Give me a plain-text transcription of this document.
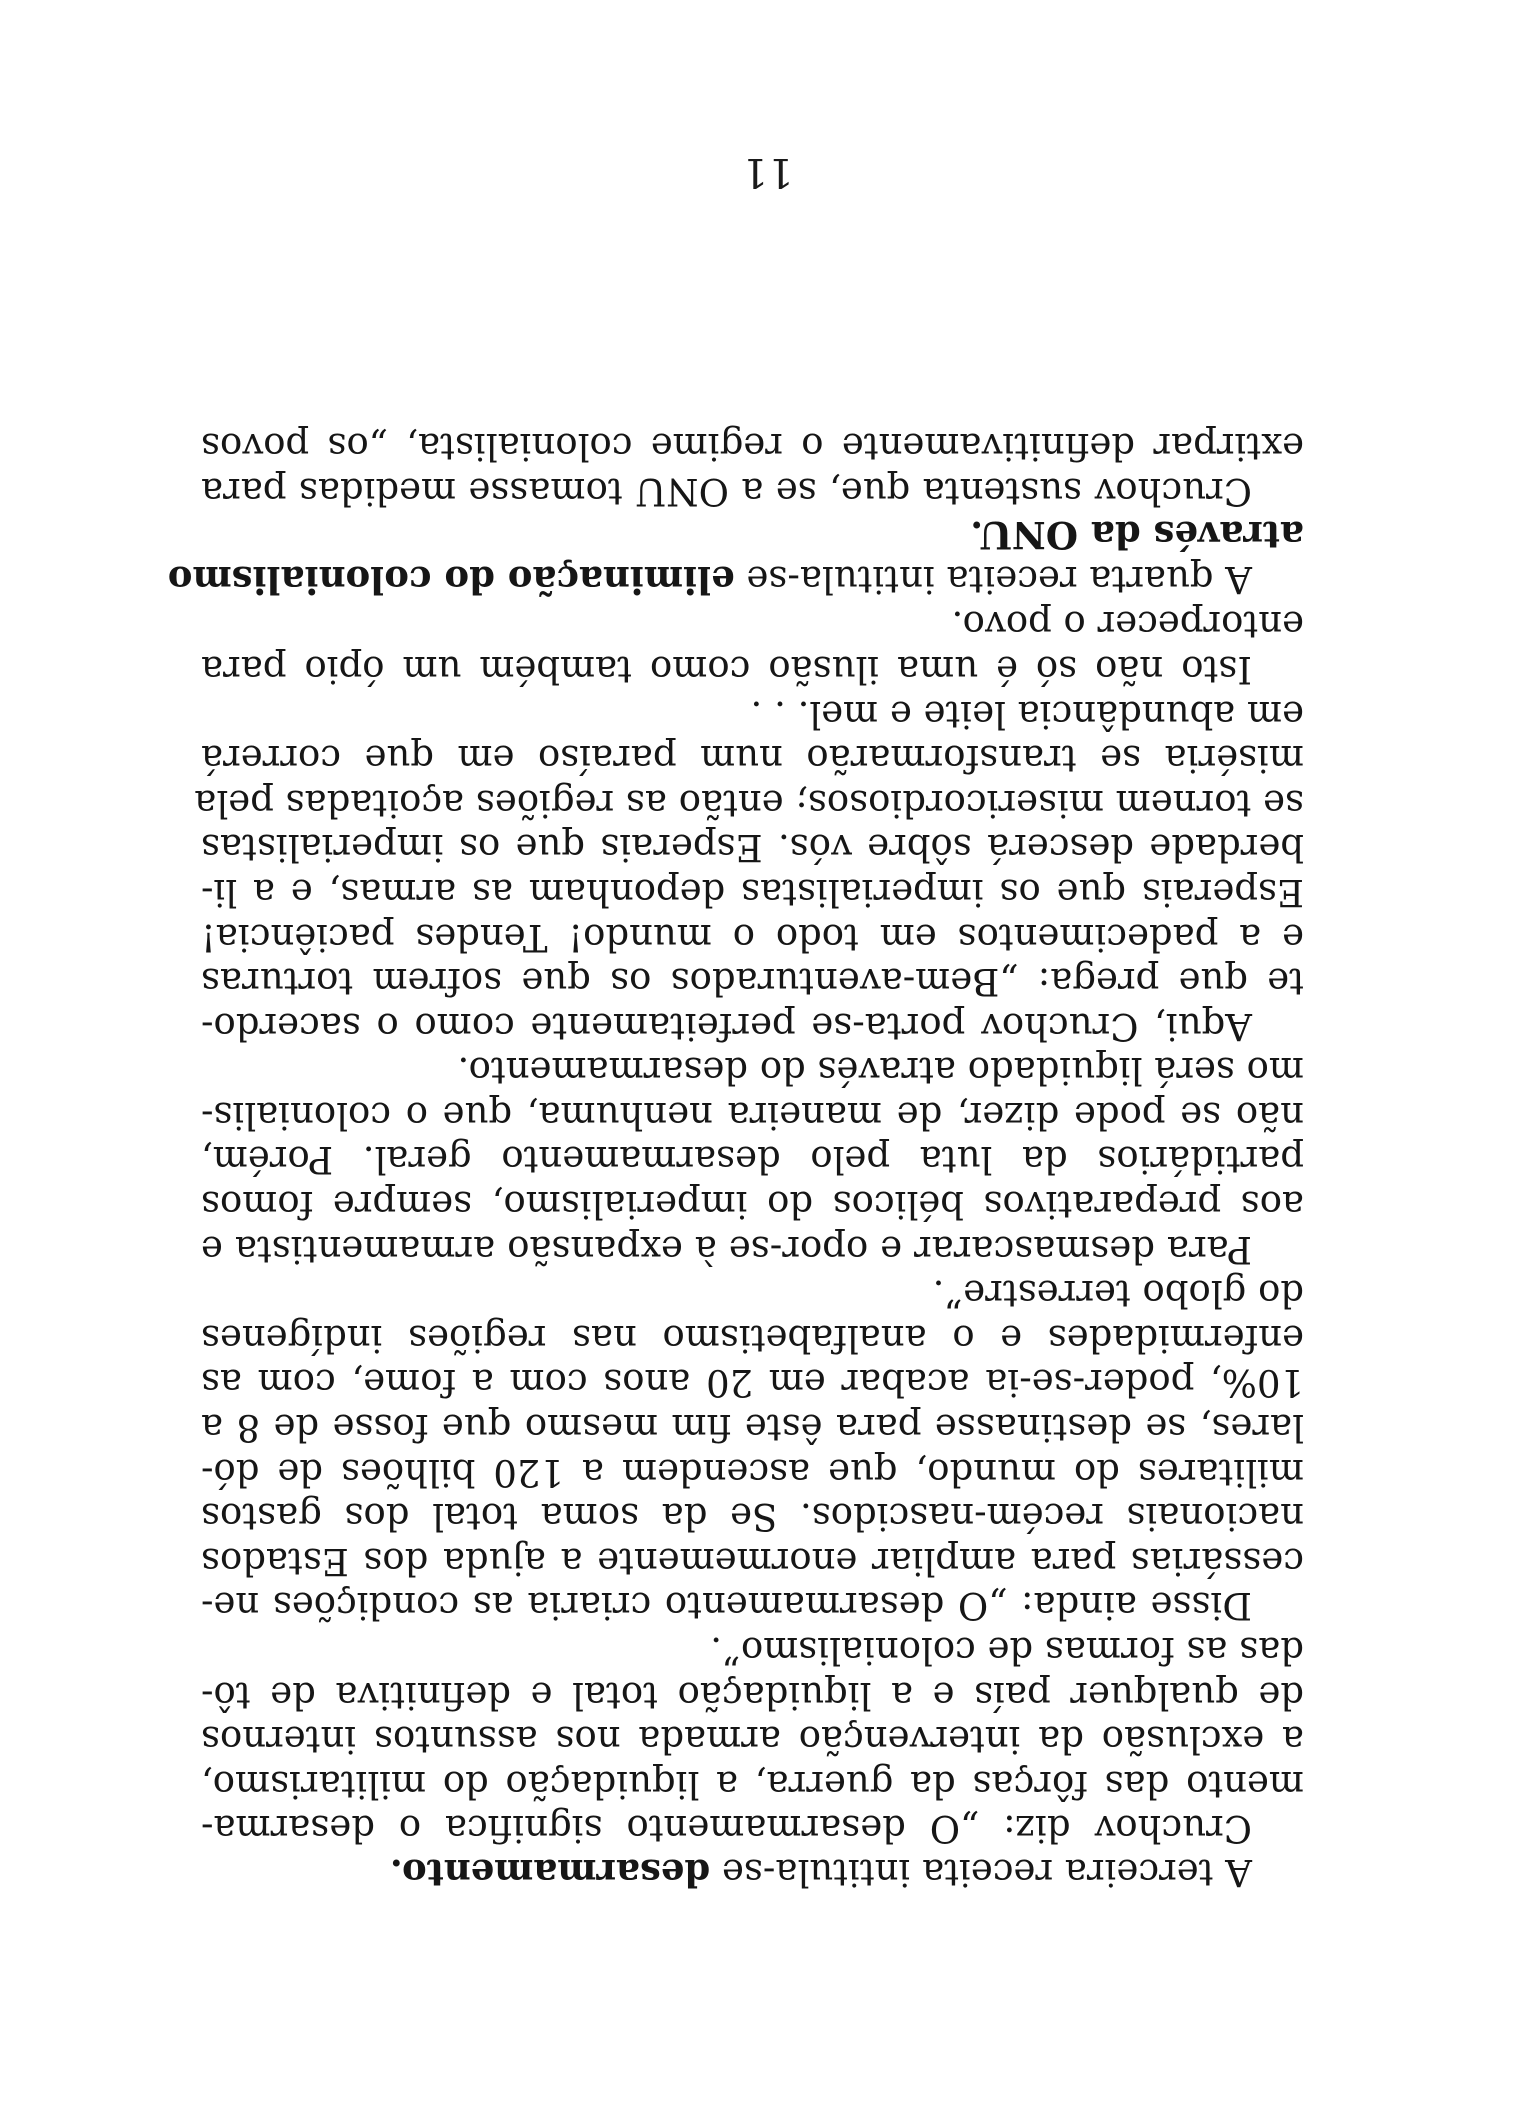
A terceira receita intitula-se desarmamento.
Cruchov diz: „O desarmamento significa o desarma-
mento das fôrças da guerra, a liquidação do militarismo,
a exclusão da intervenção armada nos assuntos internos
de qualquer país e a liquidação total e definitiva de tô-
das as formas de colonialismo”.
Disse ainda: „O desarmamento criaria as condições ne-
cessárias para ampliar enormemente a ajuda dos Estados
nacionais recém-nascidos. Se da soma total dos gastos
militares do mundo, que ascendem a 120 bilhões de dó-
lares, se destinasse para êste fim mesmo que fosse de 8 a
10%, poder-se-ia acabar em 20 anos com a fome, com as
enfermidades e o analfabetismo nas regiões indígenes
do globo terrestre”.
Para desmascarar e opor-se à expansão armamentista e
aos preparativos bélicos do imperialismo, sempre fomos
partidários da luta pelo desarmamento geral. Porém,
não se pode dizer, de maneira nenhuma, que o colonialis-
mo será liquidado através do desarmamento.
Aqui, Cruchov porta-se perfeitamente como o sacerdo-
te que prega: „Bem-aventurados os que sofrem torturas
e a padecimentos em todo o mundo! Tendes paciência!
Esperais que os imperialistas deponham as armas, e a li-
berdade descerá sôbre vós. Esperais que os imperialistas
se tornem misericordiosos; então as regiões açoitadas pela
miséria se transformarão num paraíso em que correrá
em abundância leite e mel. . .
Isto não só é uma ilusão como também um ópio para
entorpecer o povo.
A quarta receita intitula-se eliminação do colonialismo
através da ONU.
Cruchov sustenta que, se a ONU tomasse medidas para
extirpar definitivamente o regime colonialista, „os povos
11
